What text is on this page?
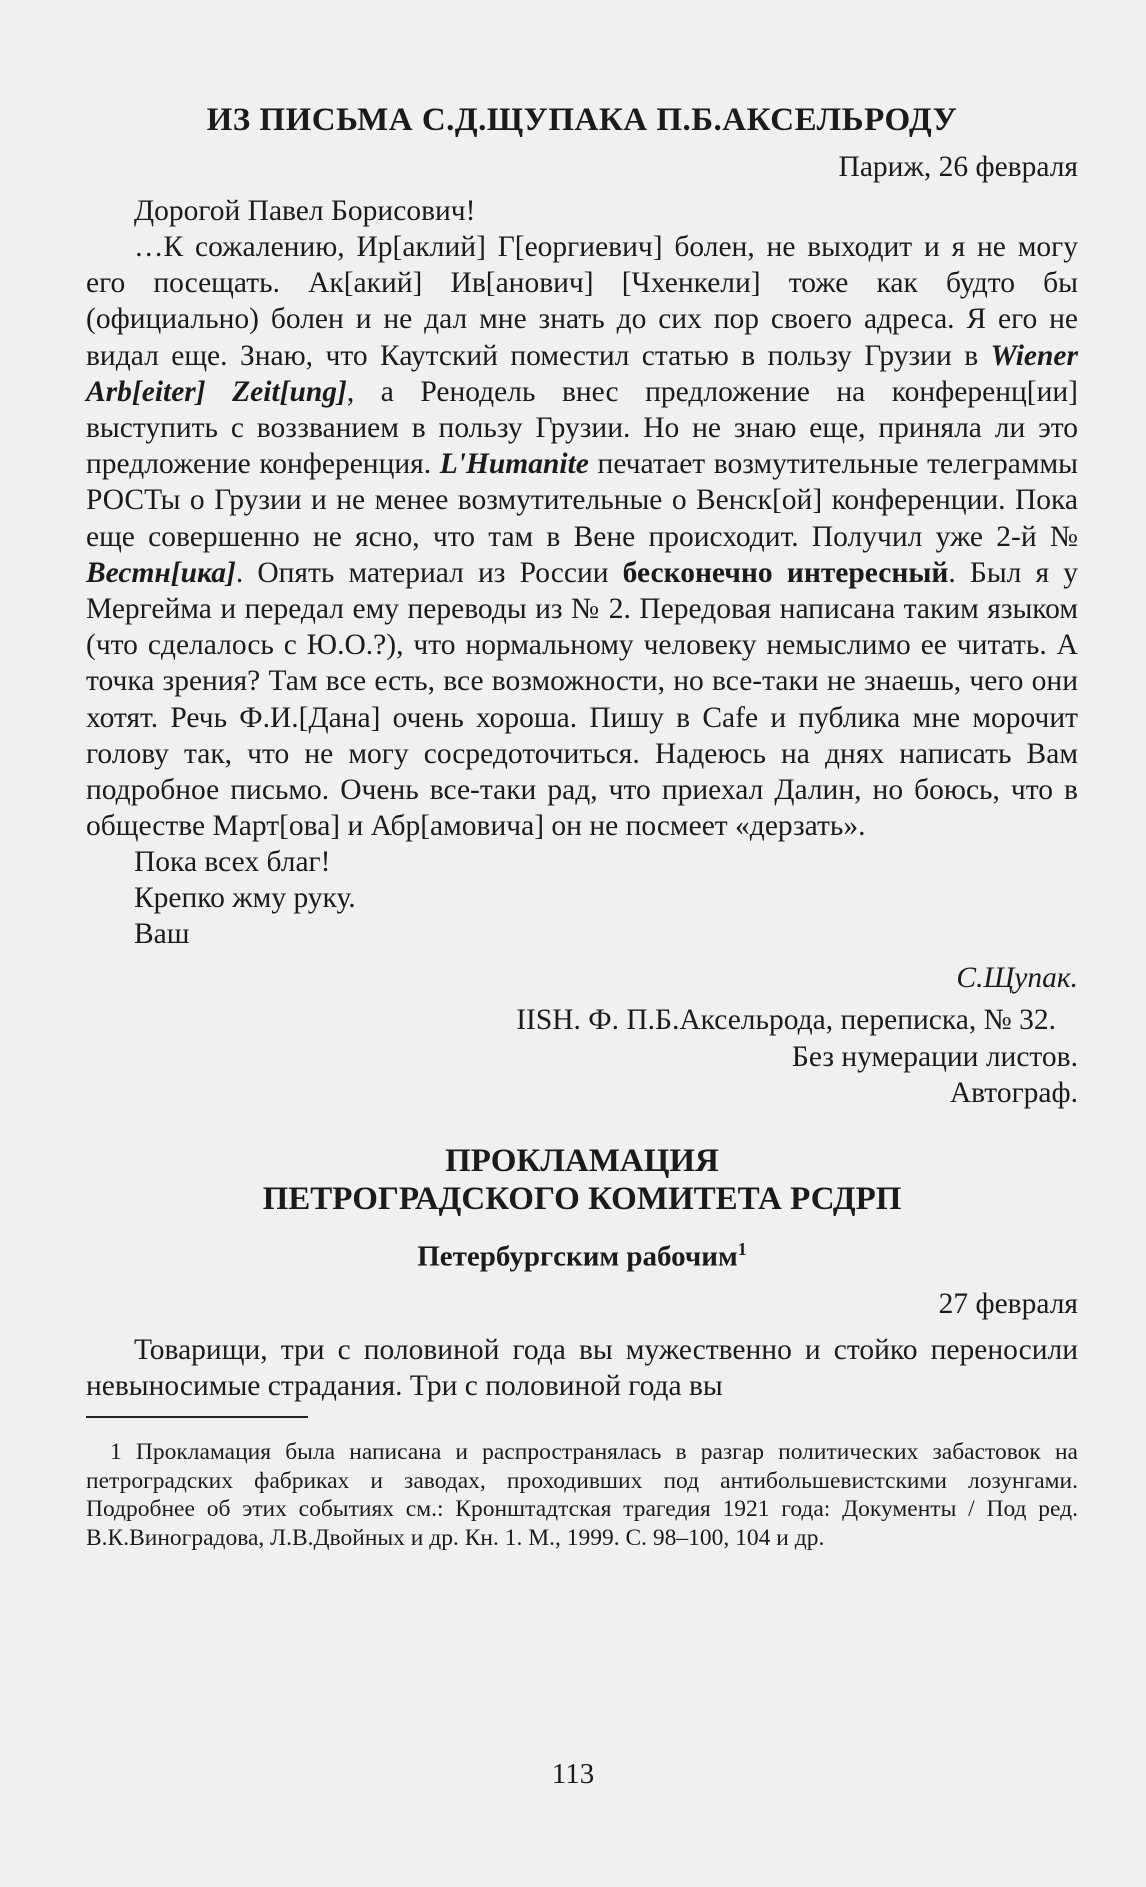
ИЗ ПИСЬМА С.Д.ЩУПАКА П.Б.АКСЕЛЬРОДУ
Париж, 26 февраля
Дорогой Павел Борисович!

…К сожалению, Ир[аклий] Г[еоргиевич] болен, не выходит и я не могу его посещать. Ак[акий] Ив[анович] [Чхенкели] тоже как будто бы (официально) болен и не дал мне знать до сих пор своего адреса. Я его не видал еще. Знаю, что Каутский поместил статью в пользу Грузии в Wiener Arb[eiter] Zeit[ung], а Ренодель внес предложение на конференц[ии] выступить с воззванием в пользу Грузии. Но не знаю еще, приняла ли это предложение конференция. L'Humanite печатает возмутительные телеграммы РОСТы о Грузии и не менее возмутительные о Венск[ой] конференции. Пока еще совершенно не ясно, что там в Вене происходит. Получил уже 2-й № Вестн[ика]. Опять материал из России бесконечно интересный. Был я у Мергейма и передал ему переводы из № 2. Передовая написана таким языком (что сделалось с Ю.О.?), что нормальному человеку немыслимо ее читать. А точка зрения? Там все есть, все возможности, но все-таки не знаешь, чего они хотят. Речь Ф.И.[Дана] очень хороша. Пишу в Cafe и публика мне морочит голову так, что не могу сосредоточиться. Надеюсь на днях написать Вам подробное письмо. Очень все-таки рад, что приехал Далин, но боюсь, что в обществе Март[ова] и Абр[амовича] он не посмеет «дерзать».

Пока всех благ!

Крепко жму руку.

Ваш

С.Щупак.

IISH. Ф. П.Б.Аксельрода, переписка, № 32.

Без нумерации листов.

Автограф.

ПРОКЛАМАЦИЯ
ПЕТРОГРАДСКОГО КОМИТЕТА РСДРП
Петербургским рабочим$^1$
27 февраля

Товарищи, три с половиной года вы мужественно и стойко переносили невыносимые страдания. Три с половиной года вы

1 Прокламация была написана и распространялась в разгар политических забастовок на петроградских фабриках и заводах, проходивших под антибольшевистскими лозунгами. Подробнее об этих событиях см.: Кронштадтская трагедия 1921 года: Документы / Под ред. В.К.Виноградова, Л.В.Двойных и др. Кн. 1. М., 1999. С. 98–100, 104 и др.

113
